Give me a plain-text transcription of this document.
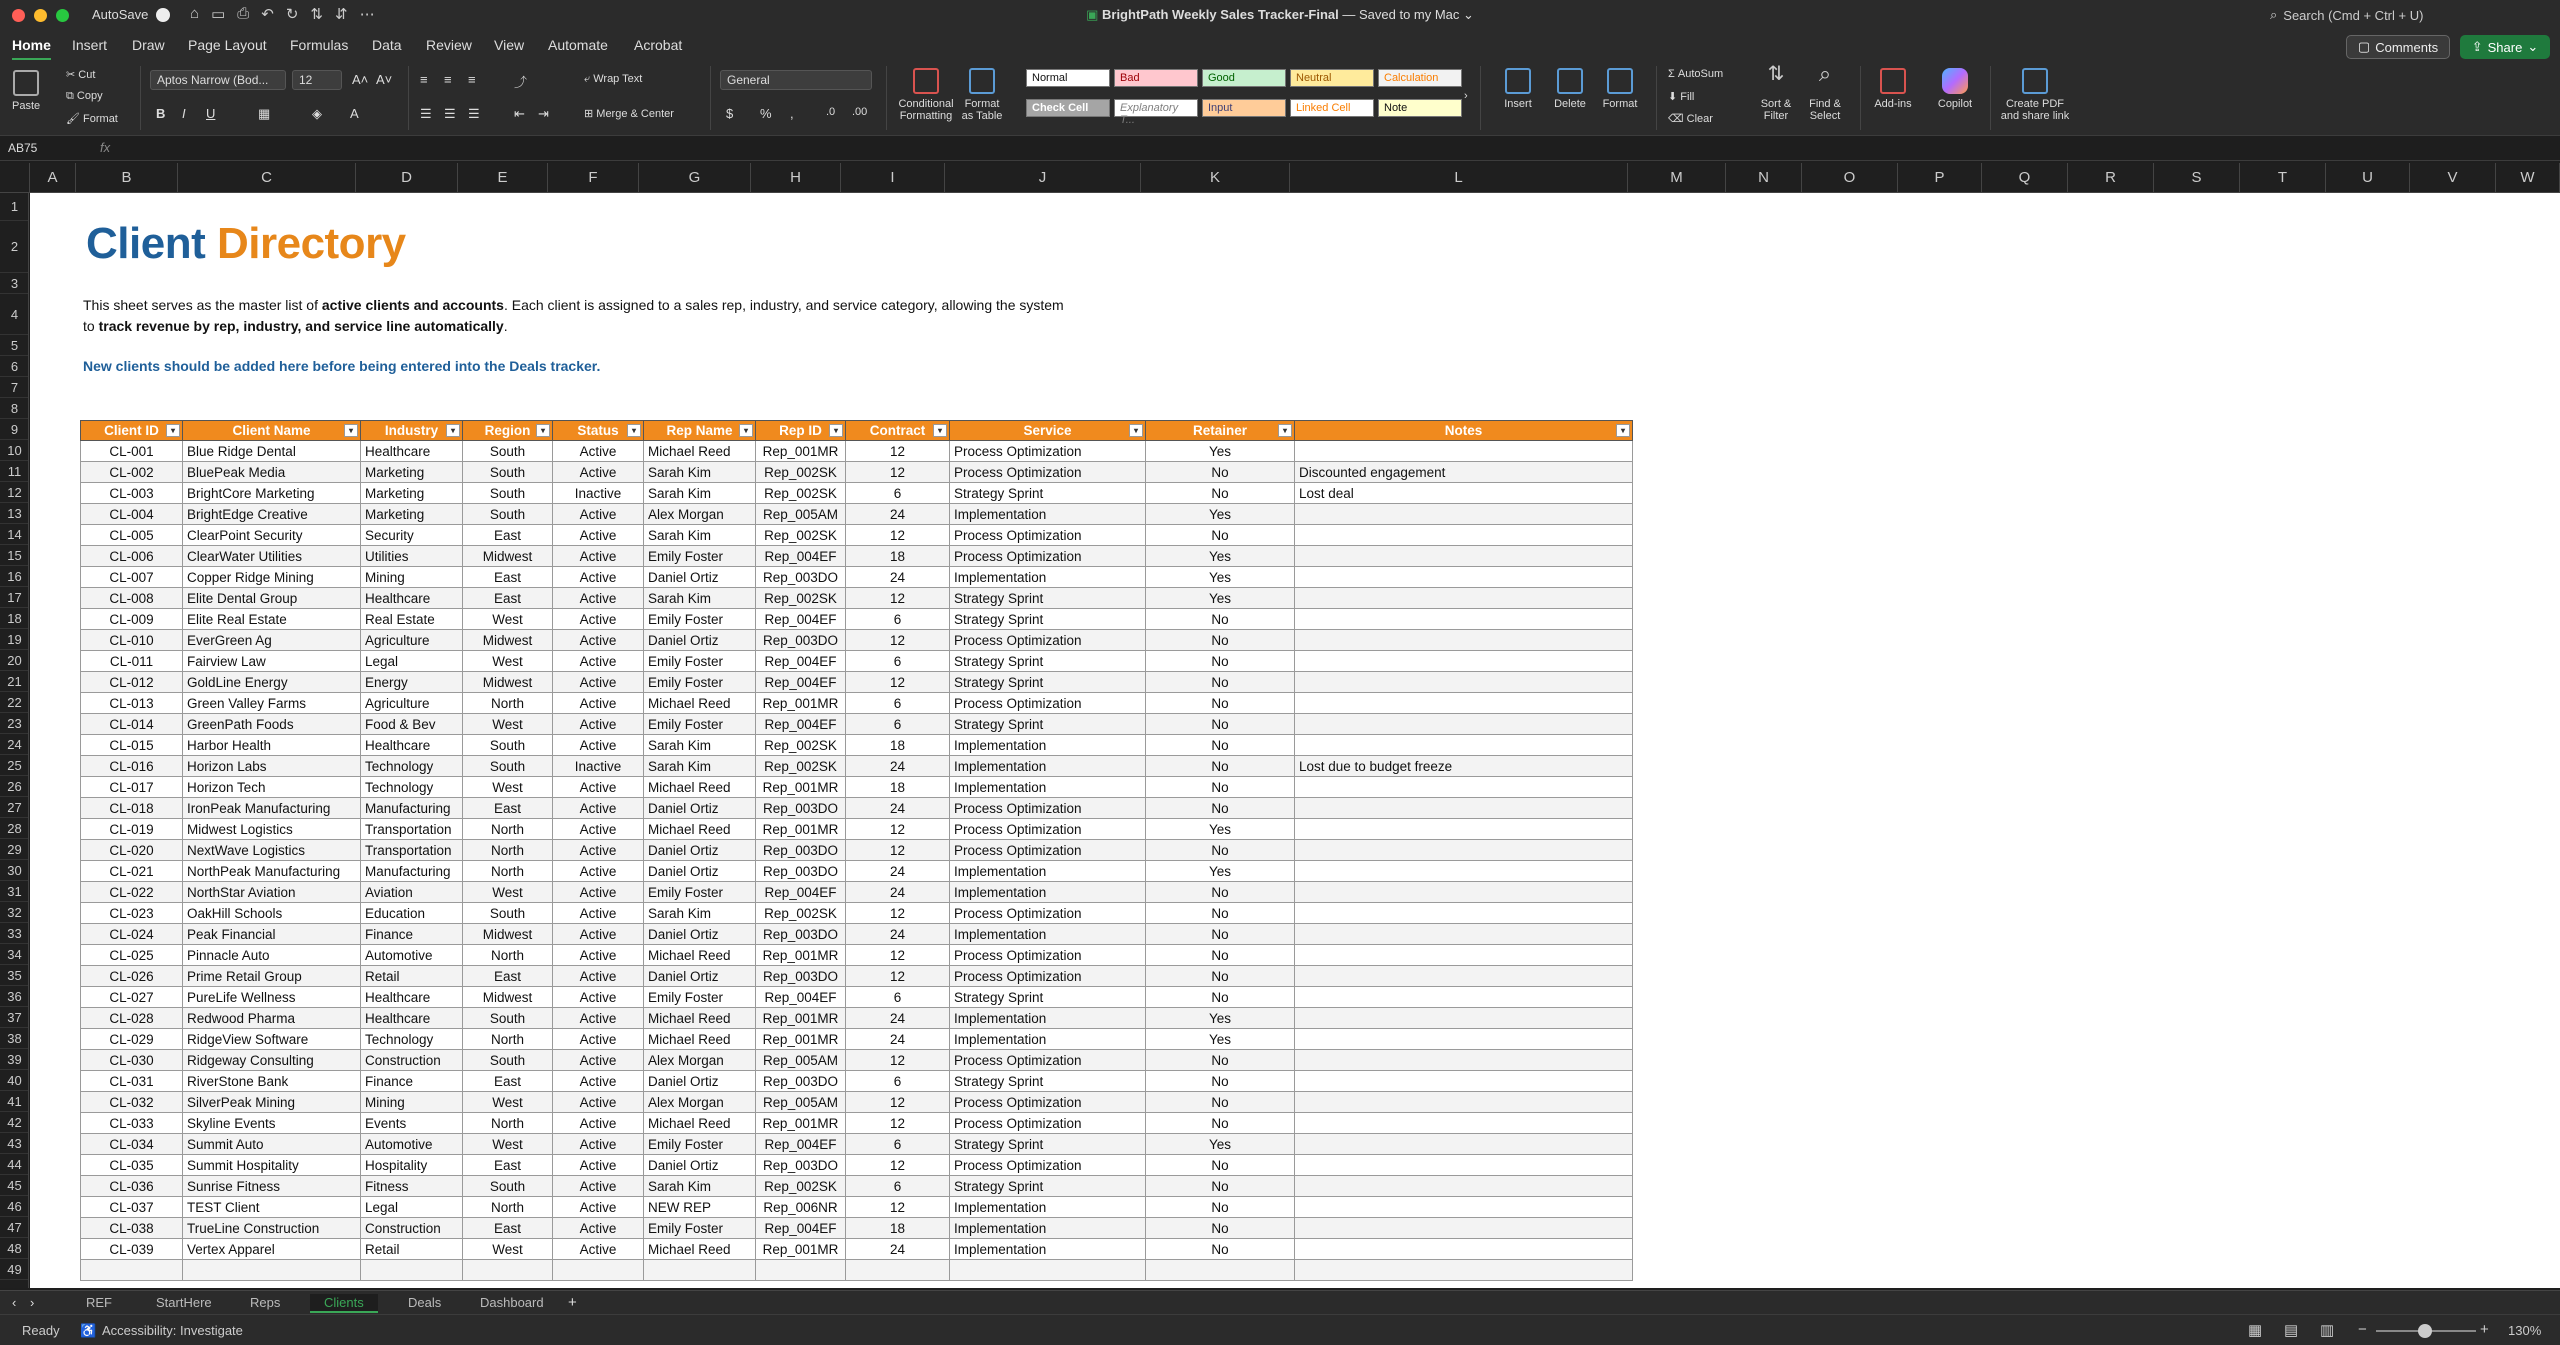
AutoSave	⌂ ▭ ⎙ ↶ ↻ ⇅ ⇵ ⋯	▣ BrightPath Weekly Sales Tracker-Final — Saved to my Mac ⌄	⌕ Search (Cmd + Ctrl + U)
Home Insert Draw Page Layout Formulas Data Review View Automate Acrobat	▢ Comments	⇪ Share ⌄
Paste
✂ Cut
⧉ Copy
🖌 Format
Aptos Narrow (Bod...	12	A˄ A˅
B I U	▦	◈ A
≡ ≡ ≡
☰ ☰ ☰
⤴
⇤ ⇥
⤶ Wrap Text
⊞ Merge & Center
General
$ % ,	.0 .00
Conditional Formatting
Format as Table
Normal	Bad	Good	Neutral	Calculation
Check Cell	Explanatory T...
Input	Linked Cell	Note
›
Insert Delete Format
Σ AutoSum
⬇ Fill
⌫ Clear
⇅
Sort & Filter
⌕
Find & Select
Add-ins Copilot	Create PDF and share link
AB75	fx
A	B	C	D	E	F	G	H	I	J	K	L	M	N	O	P	Q	R	S	T	U	V	W
1
2
3
4
5
6
7
8
9
10
11
12
13
14
15
16
17
18
19
20
21
22
23
24
25
26
27
28
29
30
31
32
33
34
35
36
37
38
39
40
41
42
43
44
45
46
47
48
49
Client Directory
This sheet serves as the master list of active clients and accounts. Each client is assigned to a sales rep, industry, and service category, allowing the system
to track revenue by rep, industry, and service line automatically.
New clients should be added here before being entered into the Deals tracker.
Client ID ▾	Client Name ▾	Industry ▾	Region ▾	Status ▾	Rep Name ▾	Rep ID ▾	Contract ▾	Service ▾	Retainer ▾	Notes ▾

CL-001	Blue Ridge Dental	Healthcare	South	Active	Michael Reed	Rep_001MR	12	Process Optimization	Yes	
CL-002	BluePeak Media	Marketing	South	Active	Sarah Kim	Rep_002SK	12	Process Optimization	No	Discounted engagement
CL-003	BrightCore Marketing	Marketing	South	Inactive	Sarah Kim	Rep_002SK	6	Strategy Sprint	No	Lost deal
CL-004	BrightEdge Creative	Marketing	South	Active	Alex Morgan	Rep_005AM	24	Implementation	Yes	
CL-005	ClearPoint Security	Security	East	Active	Sarah Kim	Rep_002SK	12	Process Optimization	No	
CL-006	ClearWater Utilities	Utilities	Midwest	Active	Emily Foster	Rep_004EF	18	Process Optimization	Yes	
CL-007	Copper Ridge Mining	Mining	East	Active	Daniel Ortiz	Rep_003DO	24	Implementation	Yes	
CL-008	Elite Dental Group	Healthcare	East	Active	Sarah Kim	Rep_002SK	12	Strategy Sprint	Yes	
CL-009	Elite Real Estate	Real Estate	West	Active	Emily Foster	Rep_004EF	6	Strategy Sprint	No	
CL-010	EverGreen Ag	Agriculture	Midwest	Active	Daniel Ortiz	Rep_003DO	12	Process Optimization	No	
CL-011	Fairview Law	Legal	West	Active	Emily Foster	Rep_004EF	6	Strategy Sprint	No	
CL-012	GoldLine Energy	Energy	Midwest	Active	Emily Foster	Rep_004EF	12	Strategy Sprint	No	
CL-013	Green Valley Farms	Agriculture	North	Active	Michael Reed	Rep_001MR	6	Process Optimization	No	
CL-014	GreenPath Foods	Food & Bev	West	Active	Emily Foster	Rep_004EF	6	Strategy Sprint	No	
CL-015	Harbor Health	Healthcare	South	Active	Sarah Kim	Rep_002SK	18	Implementation	No	
CL-016	Horizon Labs	Technology	South	Inactive	Sarah Kim	Rep_002SK	24	Implementation	No	Lost due to budget freeze
CL-017	Horizon Tech	Technology	West	Active	Michael Reed	Rep_001MR	18	Implementation	No	
CL-018	IronPeak Manufacturing	Manufacturing	East	Active	Daniel Ortiz	Rep_003DO	24	Process Optimization	No	
CL-019	Midwest Logistics	Transportation	North	Active	Michael Reed	Rep_001MR	12	Process Optimization	Yes	
CL-020	NextWave Logistics	Transportation	North	Active	Daniel Ortiz	Rep_003DO	12	Process Optimization	No	
CL-021	NorthPeak Manufacturing	Manufacturing	North	Active	Daniel Ortiz	Rep_003DO	24	Implementation	Yes	
CL-022	NorthStar Aviation	Aviation	West	Active	Emily Foster	Rep_004EF	24	Implementation	No	
CL-023	OakHill Schools	Education	South	Active	Sarah Kim	Rep_002SK	12	Process Optimization	No	
CL-024	Peak Financial	Finance	Midwest	Active	Daniel Ortiz	Rep_003DO	24	Implementation	No	
CL-025	Pinnacle Auto	Automotive	North	Active	Michael Reed	Rep_001MR	12	Process Optimization	No	
CL-026	Prime Retail Group	Retail	East	Active	Daniel Ortiz	Rep_003DO	12	Process Optimization	No	
CL-027	PureLife Wellness	Healthcare	Midwest	Active	Emily Foster	Rep_004EF	6	Strategy Sprint	No	
CL-028	Redwood Pharma	Healthcare	South	Active	Michael Reed	Rep_001MR	24	Implementation	Yes	
CL-029	RidgeView Software	Technology	North	Active	Michael Reed	Rep_001MR	24	Implementation	Yes	
CL-030	Ridgeway Consulting	Construction	South	Active	Alex Morgan	Rep_005AM	12	Process Optimization	No	
CL-031	RiverStone Bank	Finance	East	Active	Daniel Ortiz	Rep_003DO	6	Strategy Sprint	No	
CL-032	SilverPeak Mining	Mining	West	Active	Alex Morgan	Rep_005AM	12	Process Optimization	No	
CL-033	Skyline Events	Events	North	Active	Michael Reed	Rep_001MR	12	Process Optimization	No	
CL-034	Summit Auto	Automotive	West	Active	Emily Foster	Rep_004EF	6	Strategy Sprint	Yes	
CL-035	Summit Hospitality	Hospitality	East	Active	Daniel Ortiz	Rep_003DO	12	Process Optimization	No	
CL-036	Sunrise Fitness	Fitness	South	Active	Sarah Kim	Rep_002SK	6	Strategy Sprint	No	
CL-037	TEST Client	Legal	North	Active	NEW REP	Rep_006NR	12	Implementation	No	
CL-038	TrueLine Construction	Construction	East	Active	Emily Foster	Rep_004EF	18	Implementation	No	
CL-039	Vertex Apparel	Retail	West	Active	Michael Reed	Rep_001MR	24	Implementation	No	

‹ ›	REF	StartHere	Reps	Clients	Deals	Dashboard	+
Ready ♿ Accessibility: Investigate	▦ ▤ ▥ −	+ 130%
